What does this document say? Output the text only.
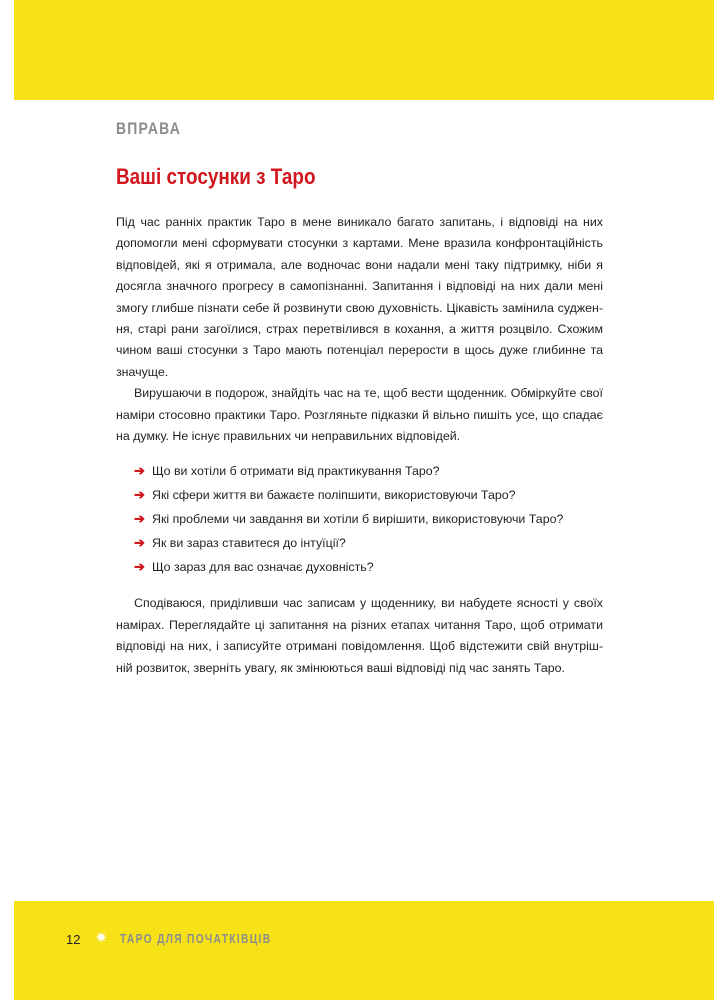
ВПРАВА
Ваші стосунки з Таро

Під час ранніх практик Таро в мене виникало багато запитань, і відповіді на них допомогли мені сформувати стосунки з картами. Мене вразила конфронтаційність відповідей, які я отримала, але водночас вони надали мені таку підтримку, ніби я досягла значного прогресу в самопізнанні. Запитання і відповіді на них дали мені змогу глибше пізнати себе й розвинути свою духовність. Цікавість замінила судження, старі рани загоїлися, страх перетвілився в кохання, а життя розцвіло. Схожим чином ваші стосунки з Таро мають потенціал перерости в щось дуже глибинне та значуще.

Вирушаючи в подорож, знайдіть час на те, щоб вести щоденник. Обміркуйте свої наміри стосовно практики Таро. Розгляньте підказки й вільно пишіть усе, що спадає на думку. Не існує правильних чи неправильних відповідей.

➔ Що ви хотіли б отримати від практикування Таро?
➔ Які сфери життя ви бажаєте поліпшити, використовуючи Таро?
➔ Які проблеми чи завдання ви хотіли б вирішити, використовуючи Таро?
➔ Як ви зараз ставитеся до інтуїції?
➔ Що зараз для вас означає духовність?

Сподіваюся, приділивши час записам у щоденнику, ви набудете ясності у своїх намірах. Переглядайте ці запитання на різних етапах читання Таро, щоб отримати відповіді на них, і записуйте отримані повідомлення. Щоб відстежити свій внутрішній розвиток, зверніть увагу, як змінюються ваші відповіді під час занять Таро.

12 ✷ ТАРО ДЛЯ ПОЧАТКІВЦІВ
